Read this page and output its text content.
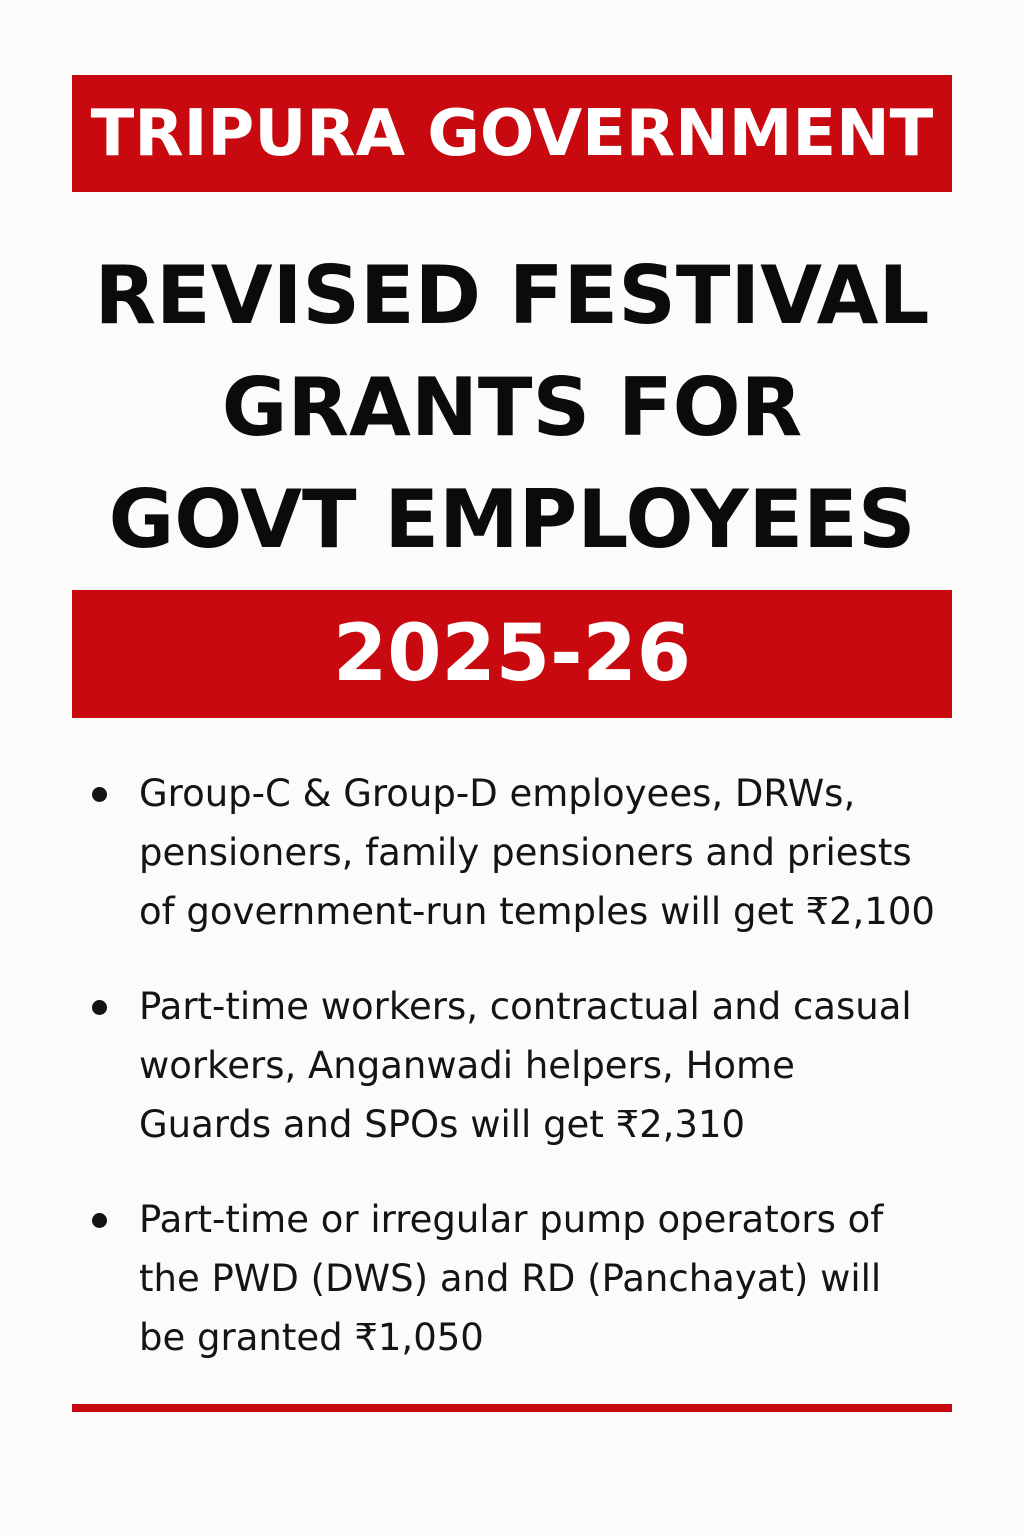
TRIPURA GOVERNMENT
REVISED FESTIVAL
GRANTS FOR
GOVT EMPLOYEES
2025-26
Group-C & Group-D employees, DRWs,
pensioners, family pensioners and priests
of government-run temples will get ₹2,100
Part-time workers, contractual and casual
workers, Anganwadi helpers, Home
Guards and SPOs will get ₹2,310
Part-time or irregular pump operators of
the PWD (DWS) and RD (Panchayat) will
be granted ₹1,050
